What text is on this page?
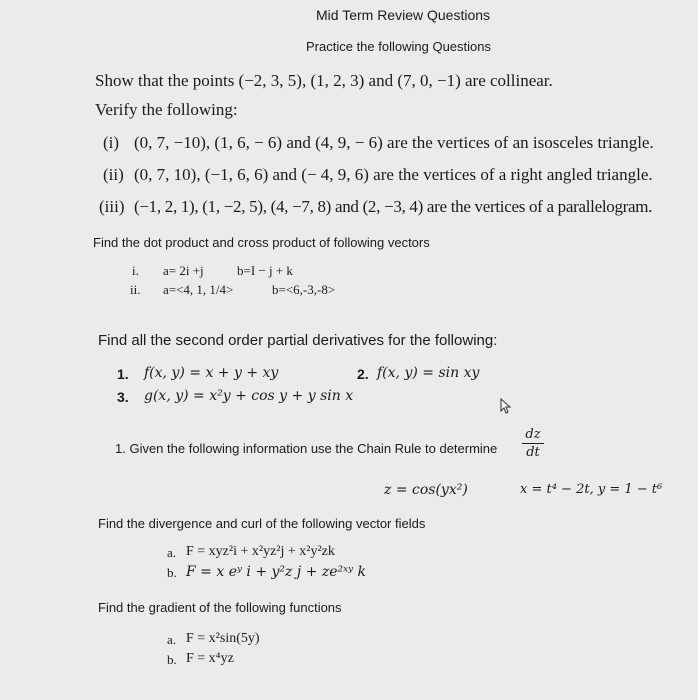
Mid Term Review Questions
Practice the following Questions
Show that the points (−2, 3, 5), (1, 2, 3) and (7, 0, −1) are collinear.
Verify the following:
(i) (0, 7, −10), (1, 6, − 6) and (4, 9, − 6) are the vertices of an isosceles triangle.
(ii) (0, 7, 10), (−1, 6, 6) and (− 4, 9, 6) are the vertices of a right angled triangle.
(iii) (−1, 2, 1), (1, −2, 5), (4, −7, 8) and (2, −3, 4) are the vertices of a parallelogram.
Find the dot product and cross product of following vectors
i. a= 2i +j	b=I − j + k
ii. a=<4, 1, 1/4>	b=<6,-3,-8>
Find all the second order partial derivatives for the following:
1. f(x, y) = x + y + xy	2. f(x, y) = sin xy
3. g(x, y) = x²y + cos y + y sin x
1. Given the following information use the Chain Rule to determine
dz
dt
z = cos(yx²)	x = t⁴ − 2t, y = 1 − t⁶
Find the divergence and curl of the following vector fields
a. F = xyz²i + x²yz²j + x²y²zk
b. F = x eʸ i + y²z j + ze²ˣʸ k
Find the gradient of the following functions
a. F = x²sin(5y)
b. F = x⁴yz
